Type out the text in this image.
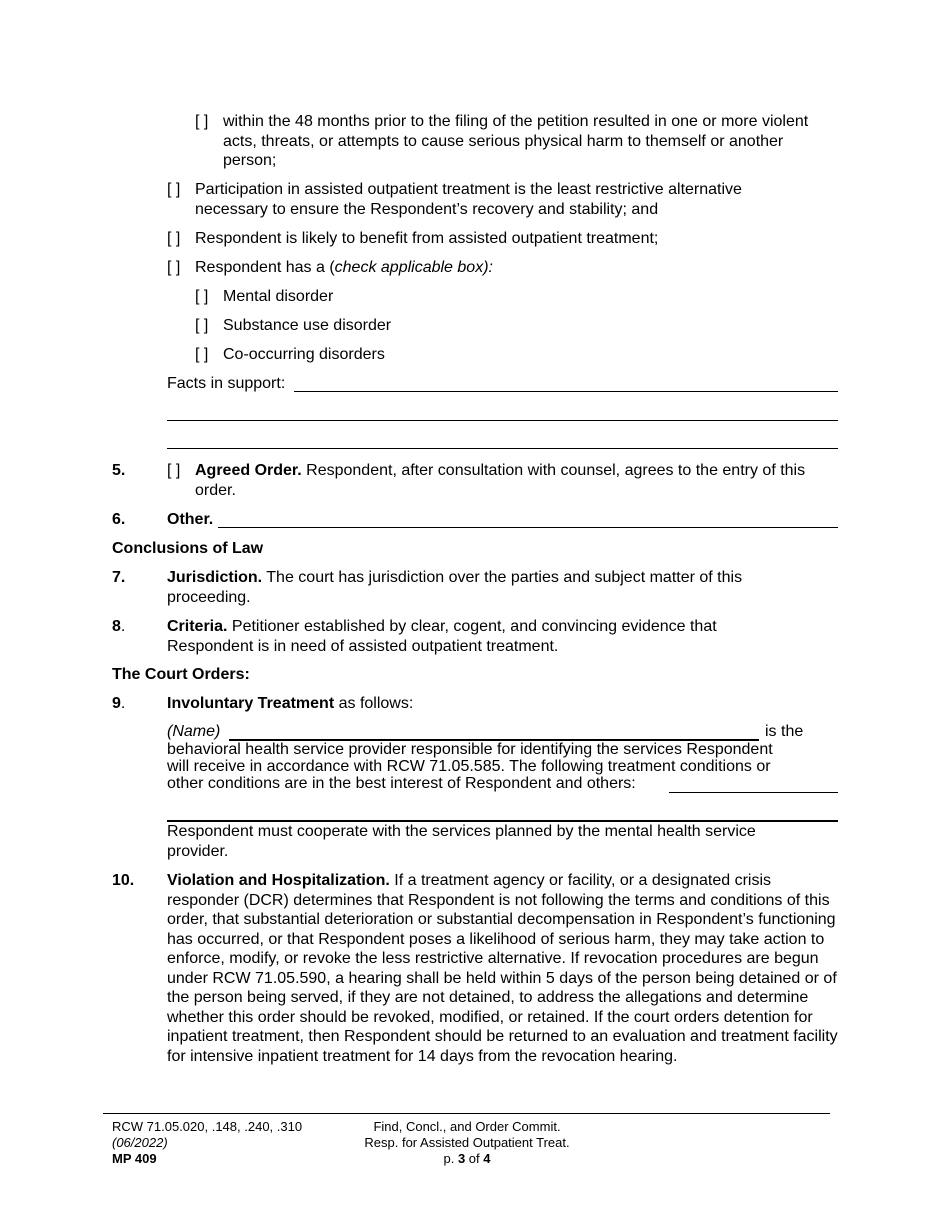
[ ] within the 48 months prior to the filing of the petition resulted in one or more violent acts, threats, or attempts to cause serious physical harm to themself or another person;
[ ] Participation in assisted outpatient treatment is the least restrictive alternative necessary to ensure the Respondent’s recovery and stability; and
[ ] Respondent is likely to benefit from assisted outpatient treatment;
[ ] Respondent has a (check applicable box):
[ ] Mental disorder
[ ] Substance use disorder
[ ] Co-occurring disorders
Facts in support:
5.	[ ] Agreed Order. Respondent, after consultation with counsel, agrees to the entry of this order.
6.	Other.
Conclusions of Law
7.	Jurisdiction. The court has jurisdiction over the parties and subject matter of this proceeding.
8.	Criteria. Petitioner established by clear, cogent, and convincing evidence that Respondent is in need of assisted outpatient treatment.
The Court Orders:
9.	Involuntary Treatment as follows:
(Name)	is the
behavioral health service provider responsible for identifying the services Respondent
will receive in accordance with RCW 71.05.585. The following treatment conditions or
other conditions are in the best interest of Respondent and others:
Respondent must cooperate with the services planned by the mental health service provider.
10. Violation and Hospitalization. If a treatment agency or facility, or a designated crisis responder (DCR) determines that Respondent is not following the terms and conditions of this order, that substantial deterioration or substantial decompensation in Respondent’s functioning has occurred, or that Respondent poses a likelihood of serious harm, they may take action to enforce, modify, or revoke the less restrictive alternative. If revocation procedures are begun under RCW 71.05.590, a hearing shall be held within 5 days of the person being detained or of the person being served, if they are not detained, to address the allegations and determine whether this order should be revoked, modified, or retained. If the court orders detention for inpatient treatment, then Respondent should be returned to an evaluation and treatment facility for intensive inpatient treatment for 14 days from the revocation hearing.
RCW 71.05.020, .148, .240, .310
(06/2022)
MP 409
Find, Concl., and Order Commit.
Resp. for Assisted Outpatient Treat.
p. 3 of 4
